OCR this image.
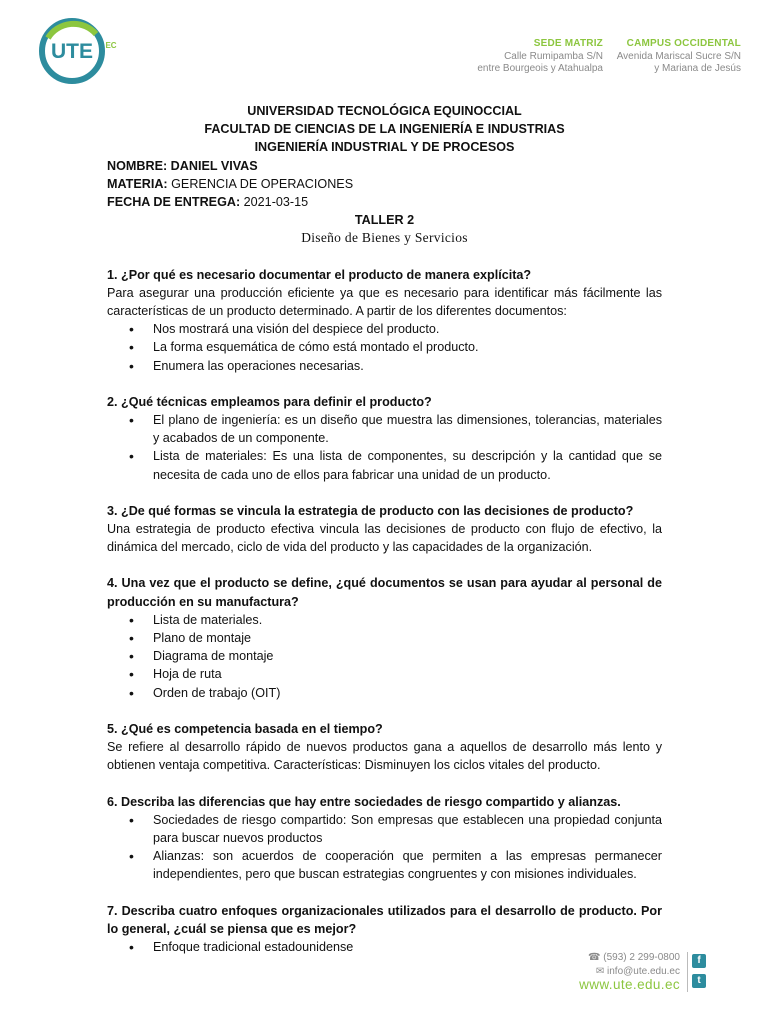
UTE EC	SEDE MATRIZ
Calle Rumipamba S/N
entre Bourgeois y Atahualpa
CAMPUS OCCIDENTAL
Avenida Mariscal Sucre S/N
y Mariana de Jesús
UNIVERSIDAD TECNOLÓGICA EQUINOCCIAL
FACULTAD DE CIENCIAS DE LA INGENIERÍA E INDUSTRIAS
INGENIERÍA INDUSTRIAL Y DE PROCESOS
NOMBRE: DANIEL VIVAS
MATERIA: GERENCIA DE OPERACIONES
FECHA DE ENTREGA: 2021-03-15
TALLER 2
Diseño de Bienes y Servicios
1. ¿Por qué es necesario documentar el producto de manera explícita?
Para asegurar una producción eficiente ya que es necesario para identificar más fácilmente las características de un producto determinado. A partir de los diferentes documentos:
• Nos mostrará una visión del despiece del producto.
• La forma esquemática de cómo está montado el producto.
• Enumera las operaciones necesarias.
2. ¿Qué técnicas empleamos para definir el producto?
• El plano de ingeniería: es un diseño que muestra las dimensiones, tolerancias, materiales y acabados de un componente.
• Lista de materiales: Es una lista de componentes, su descripción y la cantidad que se necesita de cada uno de ellos para fabricar una unidad de un producto.
3. ¿De qué formas se vincula la estrategia de producto con las decisiones de producto?
Una estrategia de producto efectiva vincula las decisiones de producto con flujo de efectivo, la dinámica del mercado, ciclo de vida del producto y las capacidades de la organización.
4. Una vez que el producto se define, ¿qué documentos se usan para ayudar al personal de producción en su manufactura?
• Lista de materiales.
• Plano de montaje
• Diagrama de montaje
• Hoja de ruta
• Orden de trabajo (OIT)
5. ¿Qué es competencia basada en el tiempo?
Se refiere al desarrollo rápido de nuevos productos gana a aquellos de desarrollo más lento y obtienen ventaja competitiva. Características: Disminuyen los ciclos vitales del producto.
6. Describa las diferencias que hay entre sociedades de riesgo compartido y alianzas.
• Sociedades de riesgo compartido: Son empresas que establecen una propiedad conjunta para buscar nuevos productos
• Alianzas: son acuerdos de cooperación que permiten a las empresas permanecer independientes, pero que buscan estrategias congruentes y con misiones individuales.
7. Describa cuatro enfoques organizacionales utilizados para el desarrollo de producto. Por lo general, ¿cuál se piensa que es mejor?
• Enfoque tradicional estadounidense
☎ (593) 2 299-0800
✉ info@ute.edu.ec
www.ute.edu.ec
f
t
